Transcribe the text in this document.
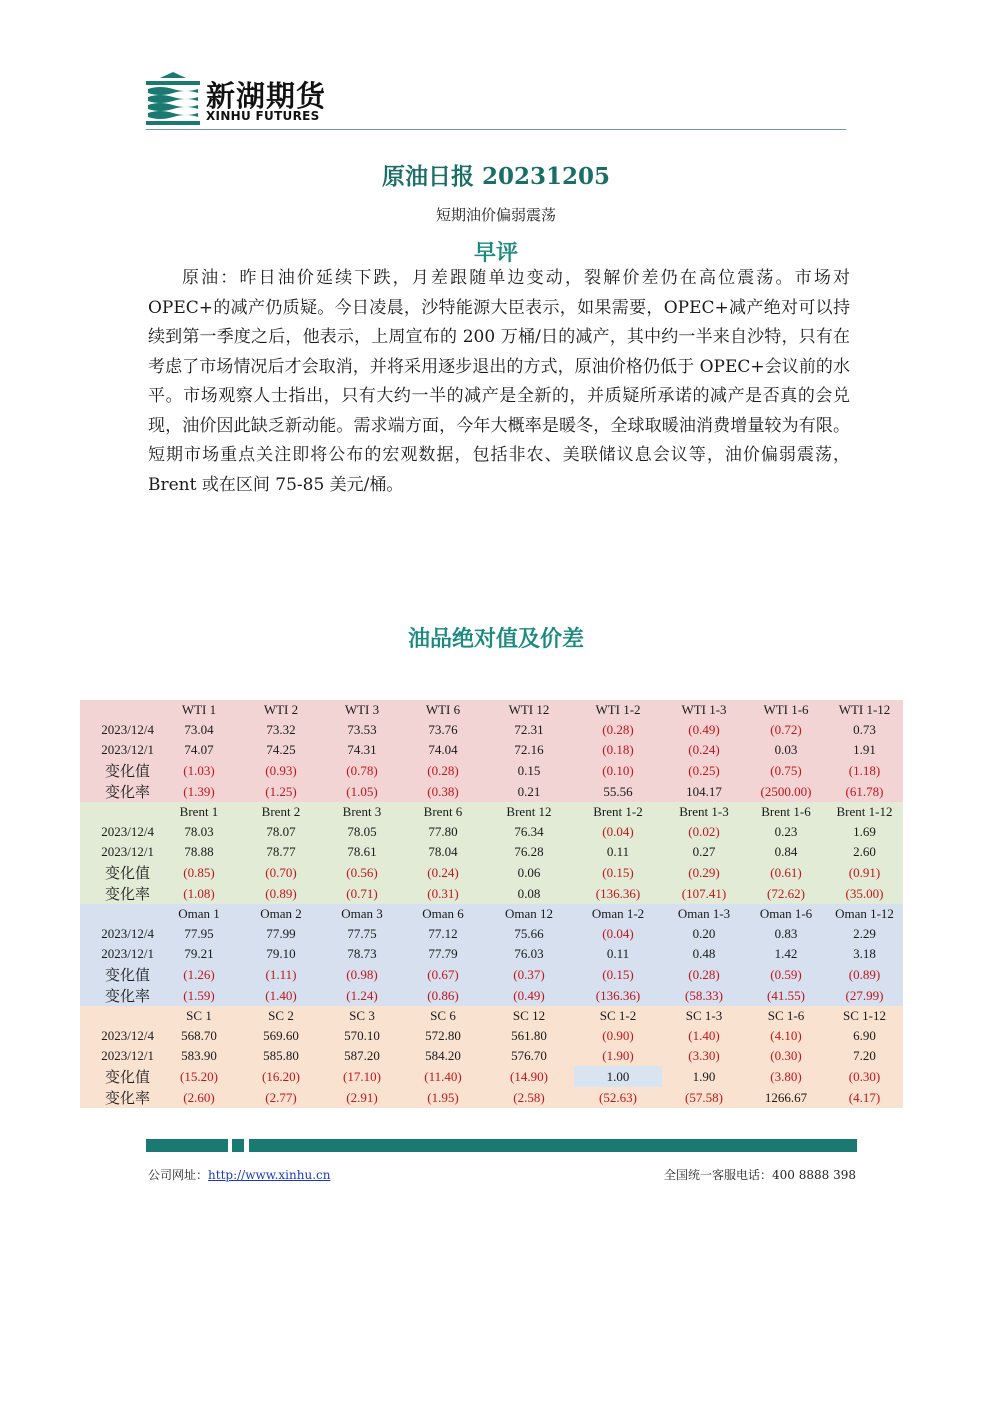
新湖期货
XINHU FUTURES
原油日报 20231205
短期油价偏弱震荡
早评

原油：昨日油价延续下跌，月差跟随单边变动，裂解价差仍在高位震荡。市场对 OPEC+的减产仍质疑。今日凌晨，沙特能源大臣表示，如果需要，OPEC+减产绝对可以持续到第一季度之后，他表示，上周宣布的 200 万桶/日的减产，其中约一半来自沙特，只有在考虑了市场情况后才会取消，并将采用逐步退出的方式，原油价格仍低于 OPEC+会议前的水平。市场观察人士指出，只有大约一半的减产是全新的，并质疑所承诺的减产是否真的会兑现，油价因此缺乏新动能。需求端方面，今年大概率是暖冬，全球取暖油消费增量较为有限。短期市场重点关注即将公布的宏观数据，包括非农、美联储议息会议等，油价偏弱震荡，Brent 或在区间 75-85 美元/桶。

油品绝对值及价差
	WTI 1	WTI 2	WTI 3	WTI 6	WTI 12	WTI 1-2	WTI 1-3	WTI 1-6	WTI 1-12
2023/12/4	73.04	73.32	73.53	73.76	72.31	(0.28)	(0.49)	(0.72)	0.73
2023/12/1	74.07	74.25	74.31	74.04	72.16	(0.18)	(0.24)	0.03	1.91
变化值	(1.03)	(0.93)	(0.78)	(0.28)	0.15	(0.10)	(0.25)	(0.75)	(1.18)
变化率	(1.39)	(1.25)	(1.05)	(0.38)	0.21	55.56	104.17	(2500.00)	(61.78)
	Brent 1	Brent 2	Brent 3	Brent 6	Brent 12	Brent 1-2	Brent 1-3	Brent 1-6	Brent 1-12
2023/12/4	78.03	78.07	78.05	77.80	76.34	(0.04)	(0.02)	0.23	1.69
2023/12/1	78.88	78.77	78.61	78.04	76.28	0.11	0.27	0.84	2.60
变化值	(0.85)	(0.70)	(0.56)	(0.24)	0.06	(0.15)	(0.29)	(0.61)	(0.91)
变化率	(1.08)	(0.89)	(0.71)	(0.31)	0.08	(136.36)	(107.41)	(72.62)	(35.00)
	Oman 1	Oman 2	Oman 3	Oman 6	Oman 12	Oman 1-2	Oman 1-3	Oman 1-6	Oman 1-12
2023/12/4	77.95	77.99	77.75	77.12	75.66	(0.04)	0.20	0.83	2.29
2023/12/1	79.21	79.10	78.73	77.79	76.03	0.11	0.48	1.42	3.18
变化值	(1.26)	(1.11)	(0.98)	(0.67)	(0.37)	(0.15)	(0.28)	(0.59)	(0.89)
变化率	(1.59)	(1.40)	(1.24)	(0.86)	(0.49)	(136.36)	(58.33)	(41.55)	(27.99)
	SC 1	SC 2	SC 3	SC 6	SC 12	SC 1-2	SC 1-3	SC 1-6	SC 1-12
2023/12/4	568.70	569.60	570.10	572.80	561.80	(0.90)	(1.40)	(4.10)	6.90
2023/12/1	583.90	585.80	587.20	584.20	576.70	(1.90)	(3.30)	(0.30)	7.20
变化值	(15.20)	(16.20)	(17.10)	(11.40)	(14.90)	1.00	1.90	(3.80)	(0.30)
变化率	(2.60)	(2.77)	(2.91)	(1.95)	(2.58)	(52.63)	(57.58)	1266.67	(4.17)
公司网址：http://www.xinhu.cn	全国统一客服电话：400 8888 398
